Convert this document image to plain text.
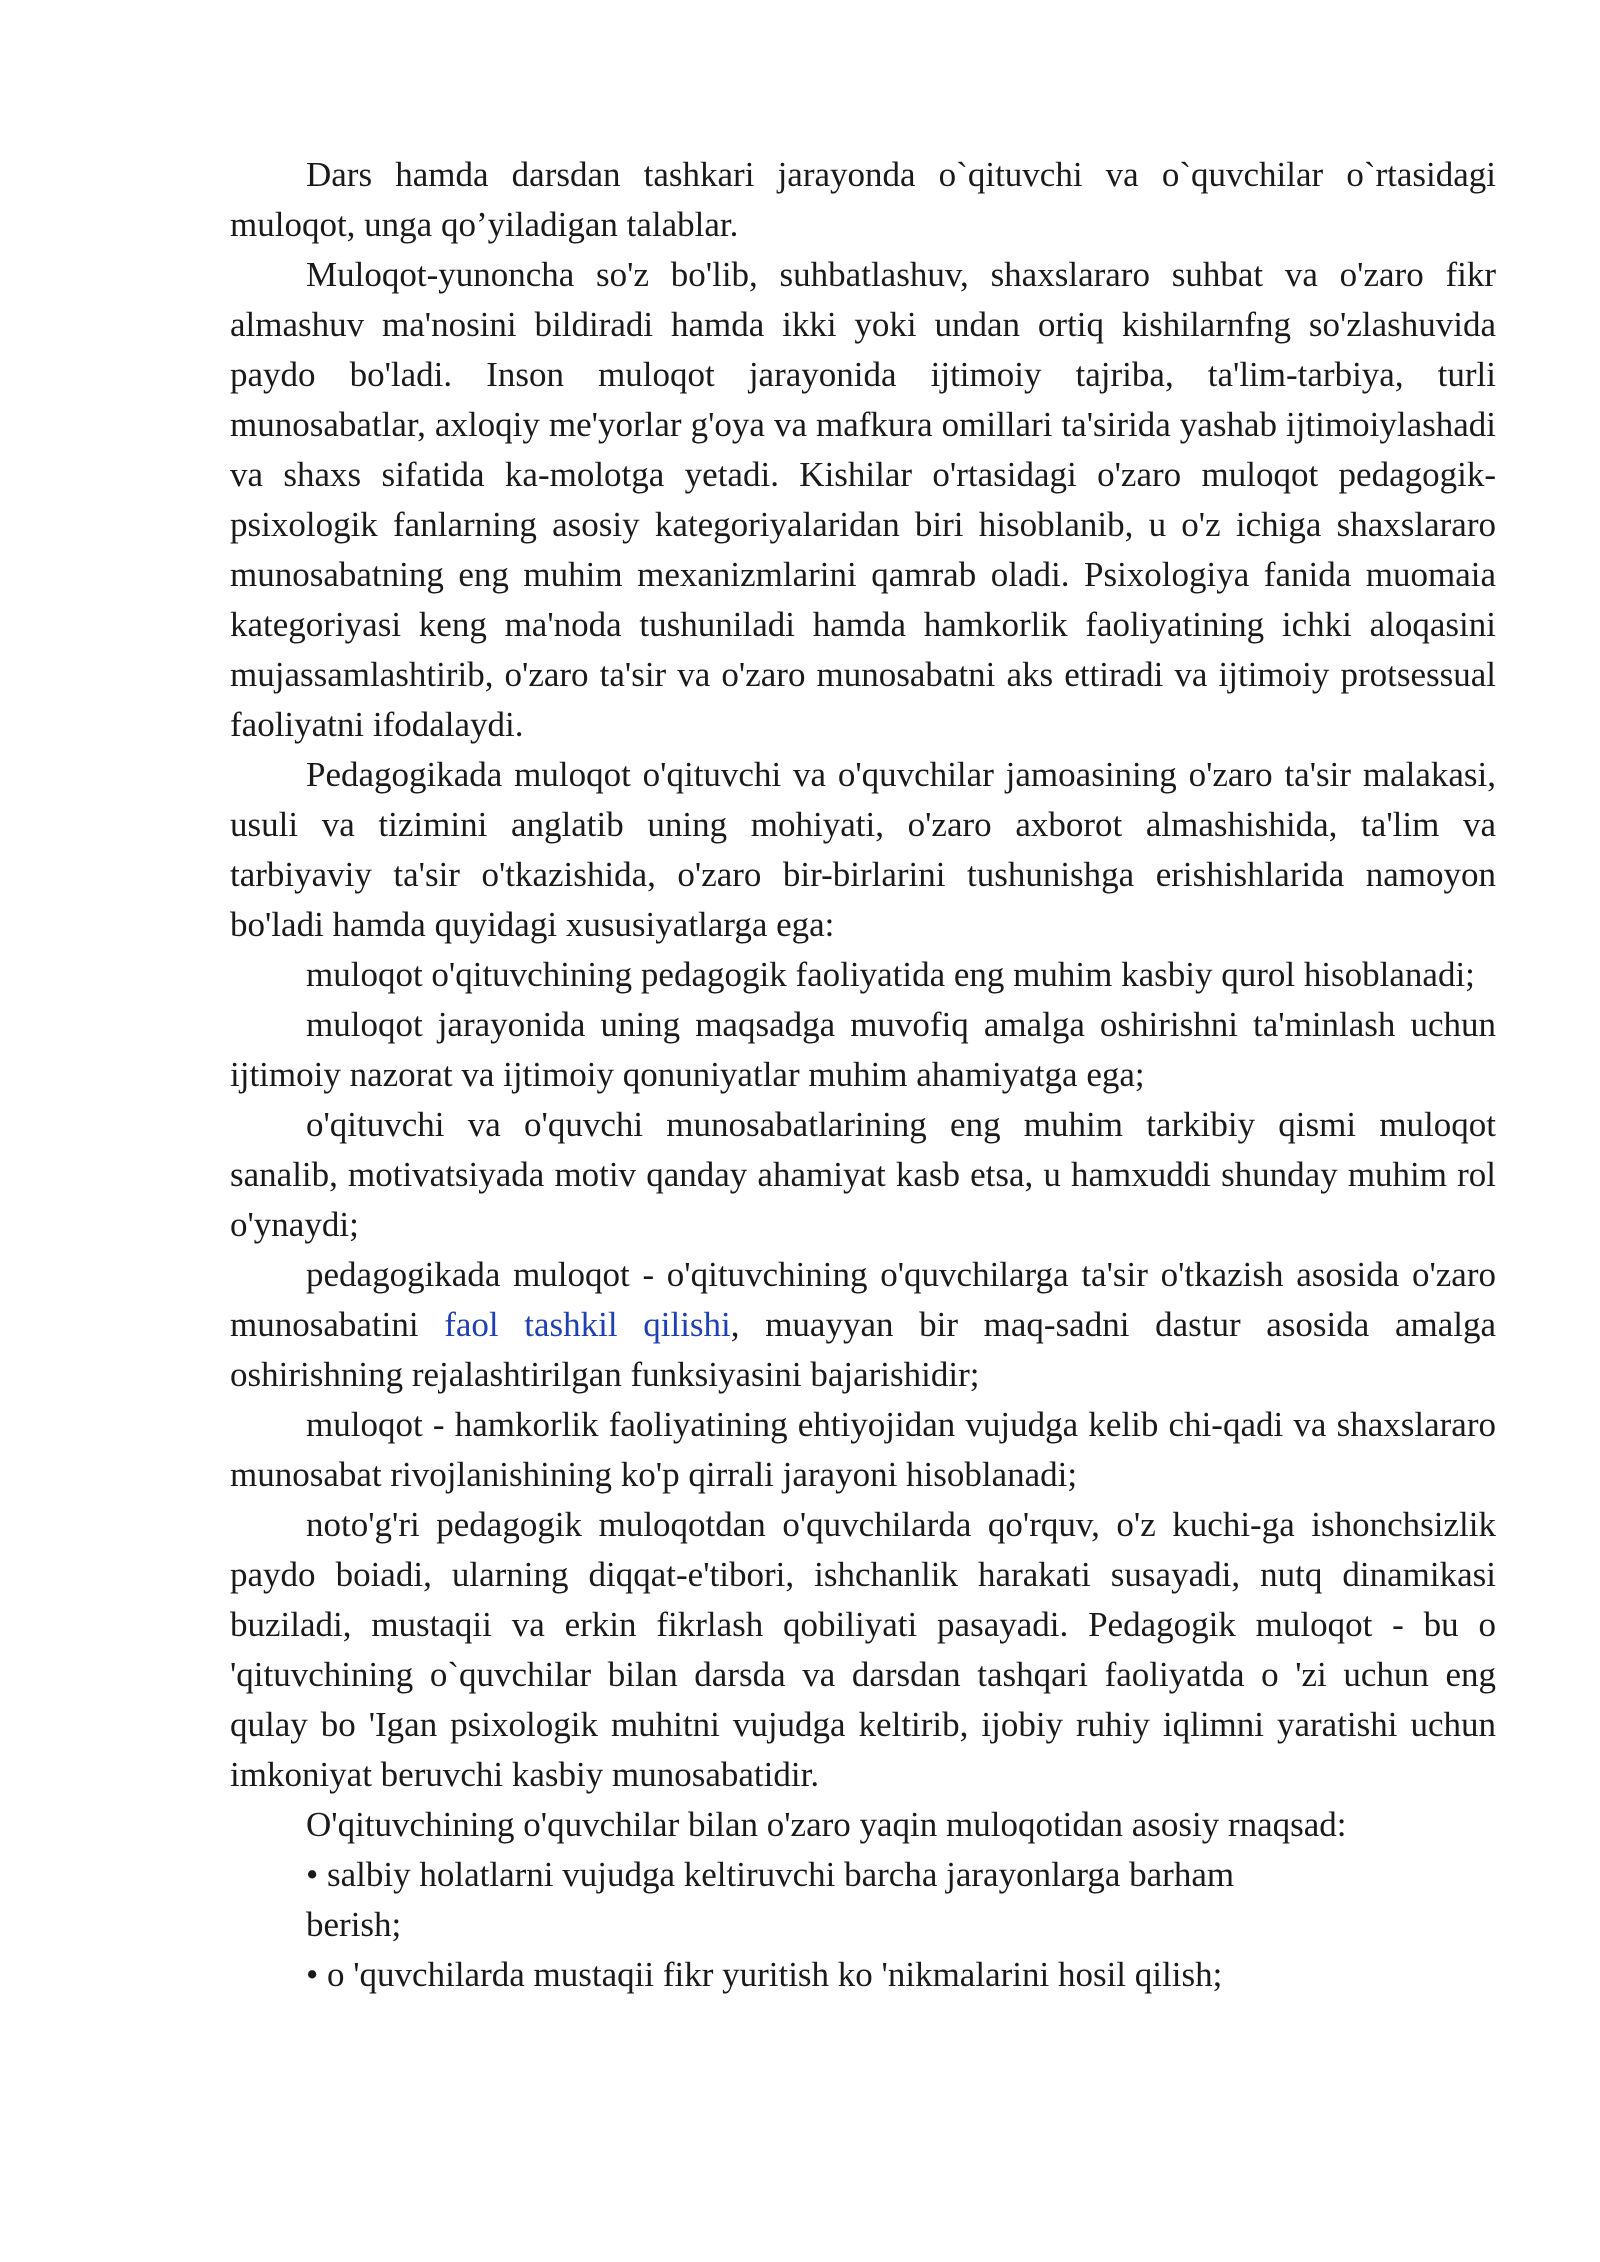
Dars hamda darsdan tashkari jarayonda o`qituvchi va o`quvchilar o`rtasidagi muloqot, unga qo’yiladigan talablar.

Muloqot-yunoncha so'z bo'lib, suhbatlashuv, shaxslararo suhbat va o'zaro fikr almashuv ma'nosini bildiradi hamda ikki yoki undan ortiq kishilarnfng so'zlashuvida paydo bo'ladi. Inson muloqot jarayonida ijtimoiy tajriba, ta'lim-tarbiya, turli munosabatlar, axloqiy me'yorlar g'oya va mafkura omillari ta'sirida yashab ijtimoiylashadi va shaxs sifatida ka-molotga yetadi. Kishilar o'rtasidagi o'zaro muloqot pedagogik-psixologik fanlarning asosiy kategoriyalaridan biri hisoblanib, u o'z ichiga shaxslararo munosabatning eng muhim mexanizmlarini qamrab oladi. Psixologiya fanida muomaia kategoriyasi keng ma'noda tushuniladi hamda hamkorlik faoliyatining ichki aloqasini mujassamlashtirib, o'zaro ta'sir va o'zaro munosabatni aks ettiradi va ijtimoiy protsessual faoliyatni ifodalaydi.

Pedagogikada muloqot o'qituvchi va o'quvchilar jamoasining o'zaro ta'sir malakasi, usuli va tizimini anglatib uning mohiyati, o'zaro axborot almashishida, ta'lim va tarbiyaviy ta'sir o'tkazishida, o'zaro bir-birlarini tushunishga erishishlarida namoyon bo'ladi hamda quyidagi xususiyatlarga ega:

muloqot o'qituvchining pedagogik faoliyatida eng muhim kasbiy qurol hisoblanadi;

muloqot jarayonida uning maqsadga muvofiq amalga oshirishni ta'minlash uchun ijtimoiy nazorat va ijtimoiy qonuniyatlar muhim ahamiyatga ega;

o'qituvchi va o'quvchi munosabatlarining eng muhim tarkibiy qismi muloqot sanalib, motivatsiyada motiv qanday ahamiyat kasb etsa, u hamxuddi shunday muhim rol o'ynaydi;

pedagogikada muloqot - o'qituvchining o'quvchilarga ta'sir o'tkazish asosida o'zaro munosabatini faol tashkil qilishi, muayyan bir maq-sadni dastur asosida amalga oshirishning rejalashtirilgan funksiyasini bajarishidir;

muloqot - hamkorlik faoliyatining ehtiyojidan vujudga kelib chi-qadi va shaxslararo munosabat rivojlanishining ko'p qirrali jarayoni hisoblanadi;

noto'g'ri pedagogik muloqotdan o'quvchilarda qo'rquv, o'z kuchi-ga ishonchsizlik paydo boiadi, ularning diqqat-e'tibori, ishchanlik harakati susayadi, nutq dinamikasi buziladi, mustaqii va erkin fikrlash qobiliyati pasayadi. Pedagogik muloqot - bu o 'qituvchining o`quvchilar bilan darsda va darsdan tashqari faoliyatda o 'zi uchun eng qulay bo 'Igan psixologik muhitni vujudga keltirib, ijobiy ruhiy iqlimni yaratishi uchun imkoniyat beruvchi kasbiy munosabatidir.

O'qituvchining o'quvchilar bilan o'zaro yaqin muloqotidan asosiy rnaqsad:

• salbiy holatlarni vujudga keltiruvchi barcha jarayonlarga barham berish;

• o 'quvchilarda mustaqii fikr yuritish ko 'nikmalarini hosil qilish;
